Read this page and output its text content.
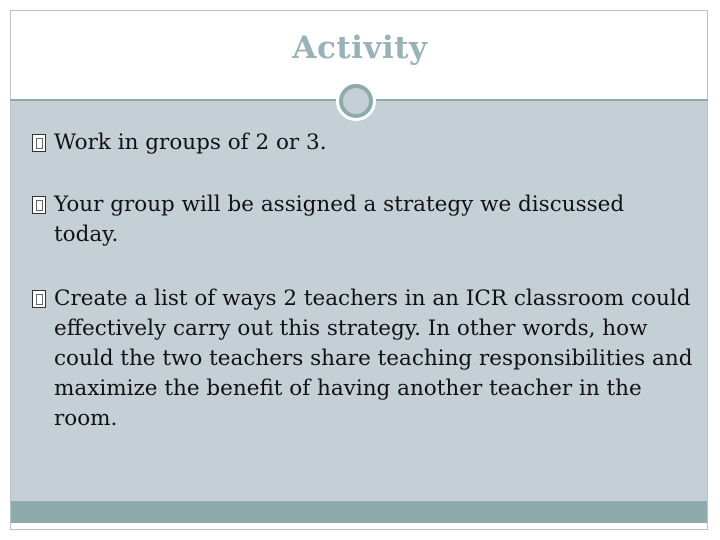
Activity
Work in groups of 2 or 3.
Your group will be assigned a strategy we discussed today.
Create a list of ways 2 teachers in an ICR classroom could effectively carry out this strategy. In other words, how could the two teachers share teaching responsibilities and maximize the benefit of having another teacher in the room.
